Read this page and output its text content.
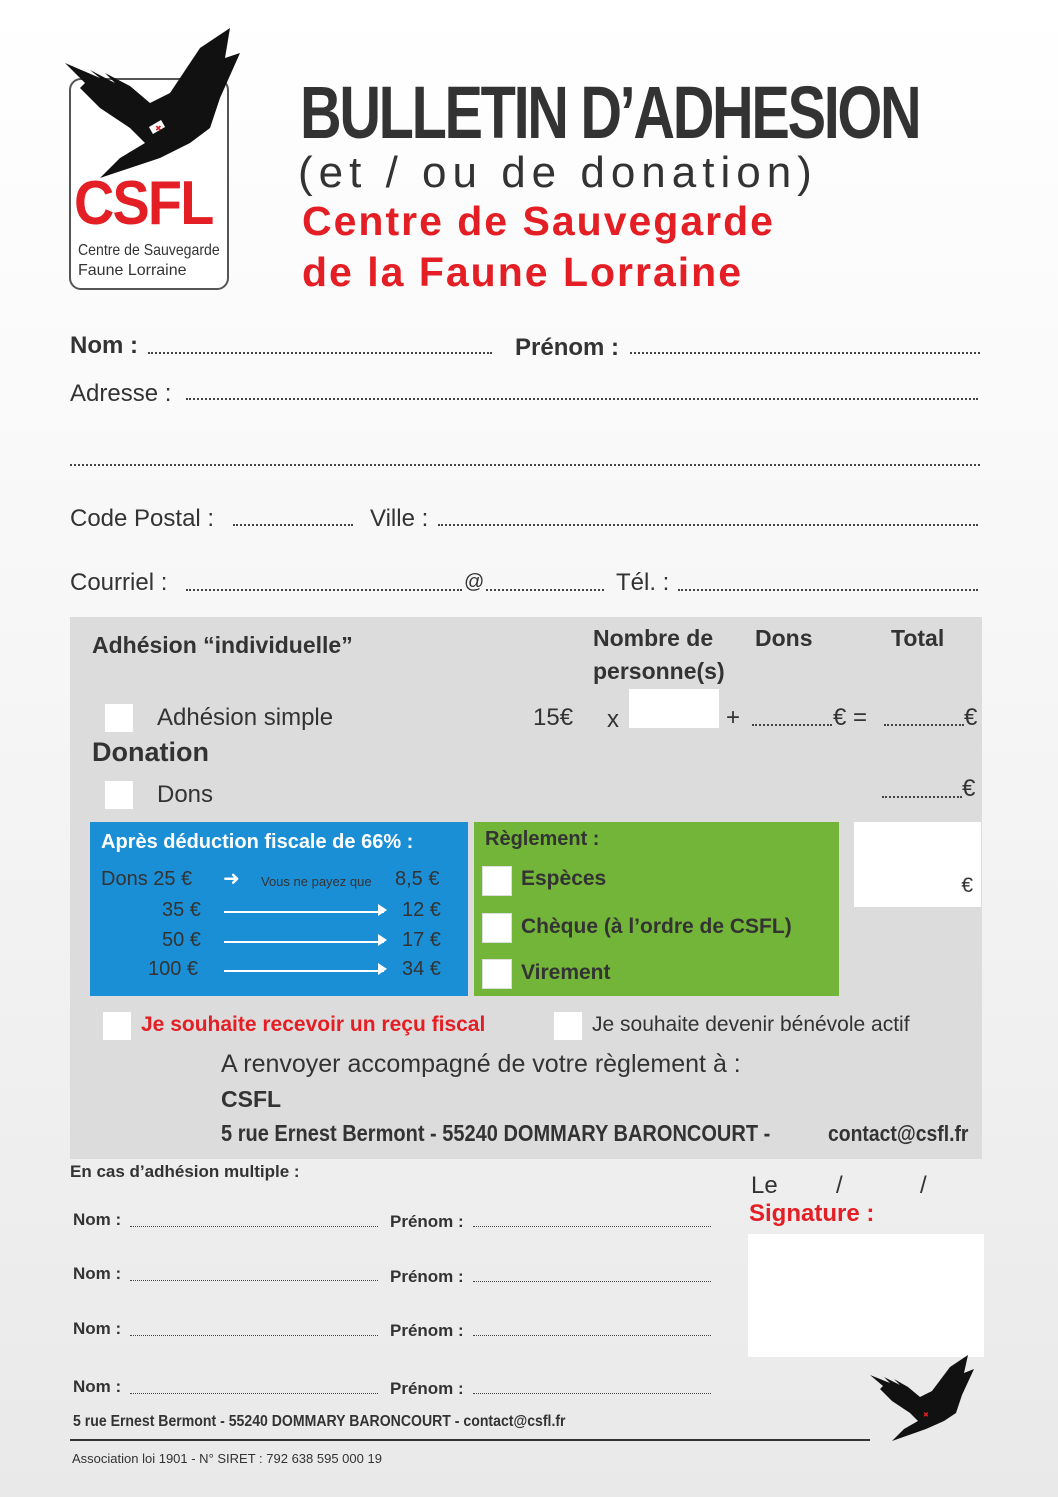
✖
CSFL
Centre de Sauvegarde
Faune Lorraine
BULLETIN D’ADHESION
(et / ou de donation)
Centre de Sauvegarde
de la Faune Lorraine
Nom :	Prénom :
Adresse :
Code Postal :	Ville :
Courriel :	@	Tél. :
Adhésion “individuelle”	Nombre de
personne(s)
Dons	Total
Adhésion simple	15€ x	+	€ =	€
Donation
Dons	€
Après déduction fiscale de 66% :
Dons 25 € ➜ Vous ne payez que 8,5 €
35 €	12 €
50 €	17 €
100 €	34 €
Règlement :
Espèces
Chèque (à l’ordre de CSFL)
Virement
€
Je souhaite recevoir un reçu fiscal	Je souhaite devenir bénévole actif
A renvoyer accompagné de votre règlement à :
CSFL
5 rue Ernest Bermont - 55240 DOMMARY BARONCOURT -	contact@csfl.fr
En cas d’adhésion multiple :
Nom :	Prénom :
Nom :	Prénom :
Nom :	Prénom :
Nom :	Prénom :
Le /	/
Signature :
5 rue Ernest Bermont - 55240 DOMMARY BARONCOURT - contact@csfl.fr
Association loi 1901 - N° SIRET : 792 638 595 000 19
✖
